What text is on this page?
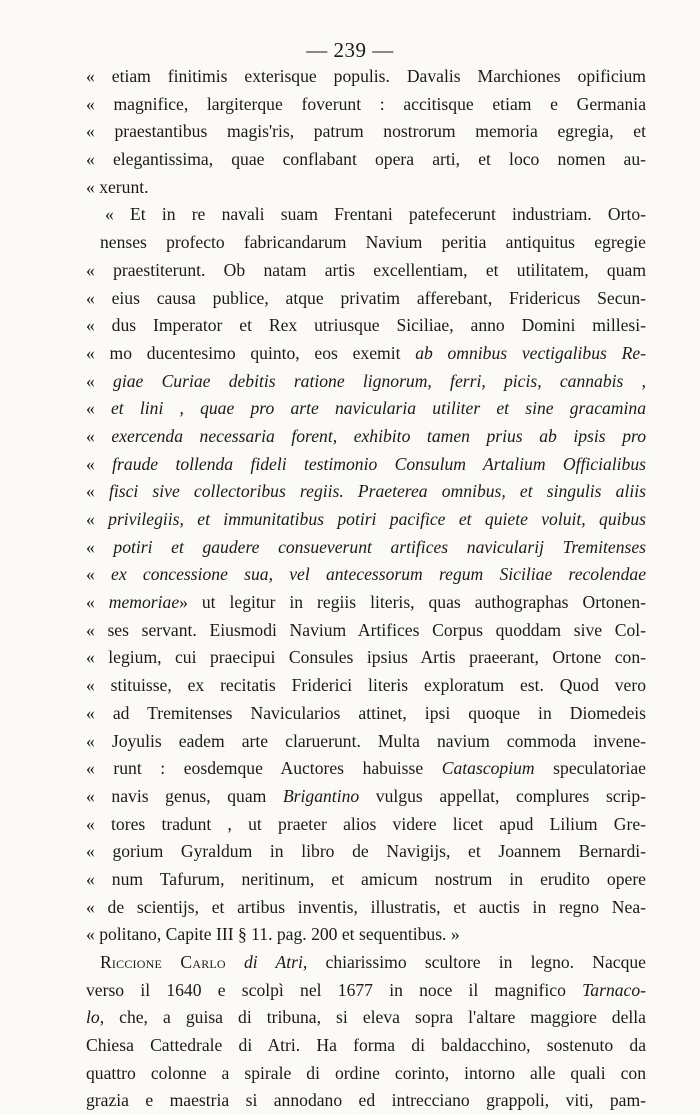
— 239 —
« etiam finitimis exterisque populis. Davalis Marchiones opificium
« magnifice, largiterque foverunt : accitisque etiam e Germania
« praestantibus magis'ris, patrum nostrorum memoria egregia, et
« elegantissima, quae conflabant opera arti, et loco nomen au-
« xerunt.
« Et in re navali suam Frentani patefecerunt industriam. Orto-
nenses profecto fabricandarum Navium peritia antiquitus egregie
« praestiterunt. Ob natam artis excellentiam, et utilitatem, quam
« eius causa publice, atque privatim afferebant, Fridericus Secun-
« dus Imperator et Rex utriusque Siciliae, anno Domini millesi-
« mo ducentesimo quinto, eos exemit ab omnibus vectigalibus Re-
« giae Curiae debitis ratione lignorum, ferri, picis, cannabis ,
« et lini , quae pro arte navicularia utiliter et sine gracamina
« exercenda necessaria forent, exhibito tamen prius ab ipsis pro
« fraude tollenda fideli testimonio Consulum Artalium Officialibus
« fisci sive collectoribus regiis. Praeterea omnibus, et singulis aliis
« privilegiis, et immunitatibus potiri pacifice et quiete voluit, quibus
« potiri et gaudere consueverunt artifices navicularij Tremitenses
« ex concessione sua, vel antecessorum regum Siciliae recolendae
« memoriae» ut legitur in regiis literis, quas authographas Ortonen-
« ses servant. Eiusmodi Navium Artifices Corpus quoddam sive Col-
« legium, cui praecipui Consules ipsius Artis praeerant, Ortone con-
« stituisse, ex recitatis Friderici literis exploratum est. Quod vero
« ad Tremitenses Navicularios attinet, ipsi quoque in Diomedeis
« Joyulis eadem arte claruerunt. Multa navium commoda invene-
« runt : eosdemque Auctores habuisse Catascopium speculatoriae
« navis genus, quam Brigantino vulgus appellat, complures scrip-
« tores tradunt , ut praeter alios videre licet apud Lilium Gre-
« gorium Gyraldum in libro de Navigijs, et Joannem Bernardi-
« num Tafurum, neritinum, et amicum nostrum in erudito opere
« de scientijs, et artibus inventis, illustratis, et auctis in regno Nea-
« politano, Capite III § 11. pag. 200 et sequentibus. »
Riccione Carlo di Atri, chiarissimo scultore in legno. Nacque
verso il 1640 e scolpì nel 1677 in noce il magnifico Tarnaco-
lo, che, a guisa di tribuna, si eleva sopra l'altare maggiore della
Chiesa Cattedrale di Atri. Ha forma di baldacchino, sostenuto da
quattro colonne a spirale di ordine corinto, intorno alle quali con
grazia e maestria si annodano ed intrecciano grappoli, viti, pam-
